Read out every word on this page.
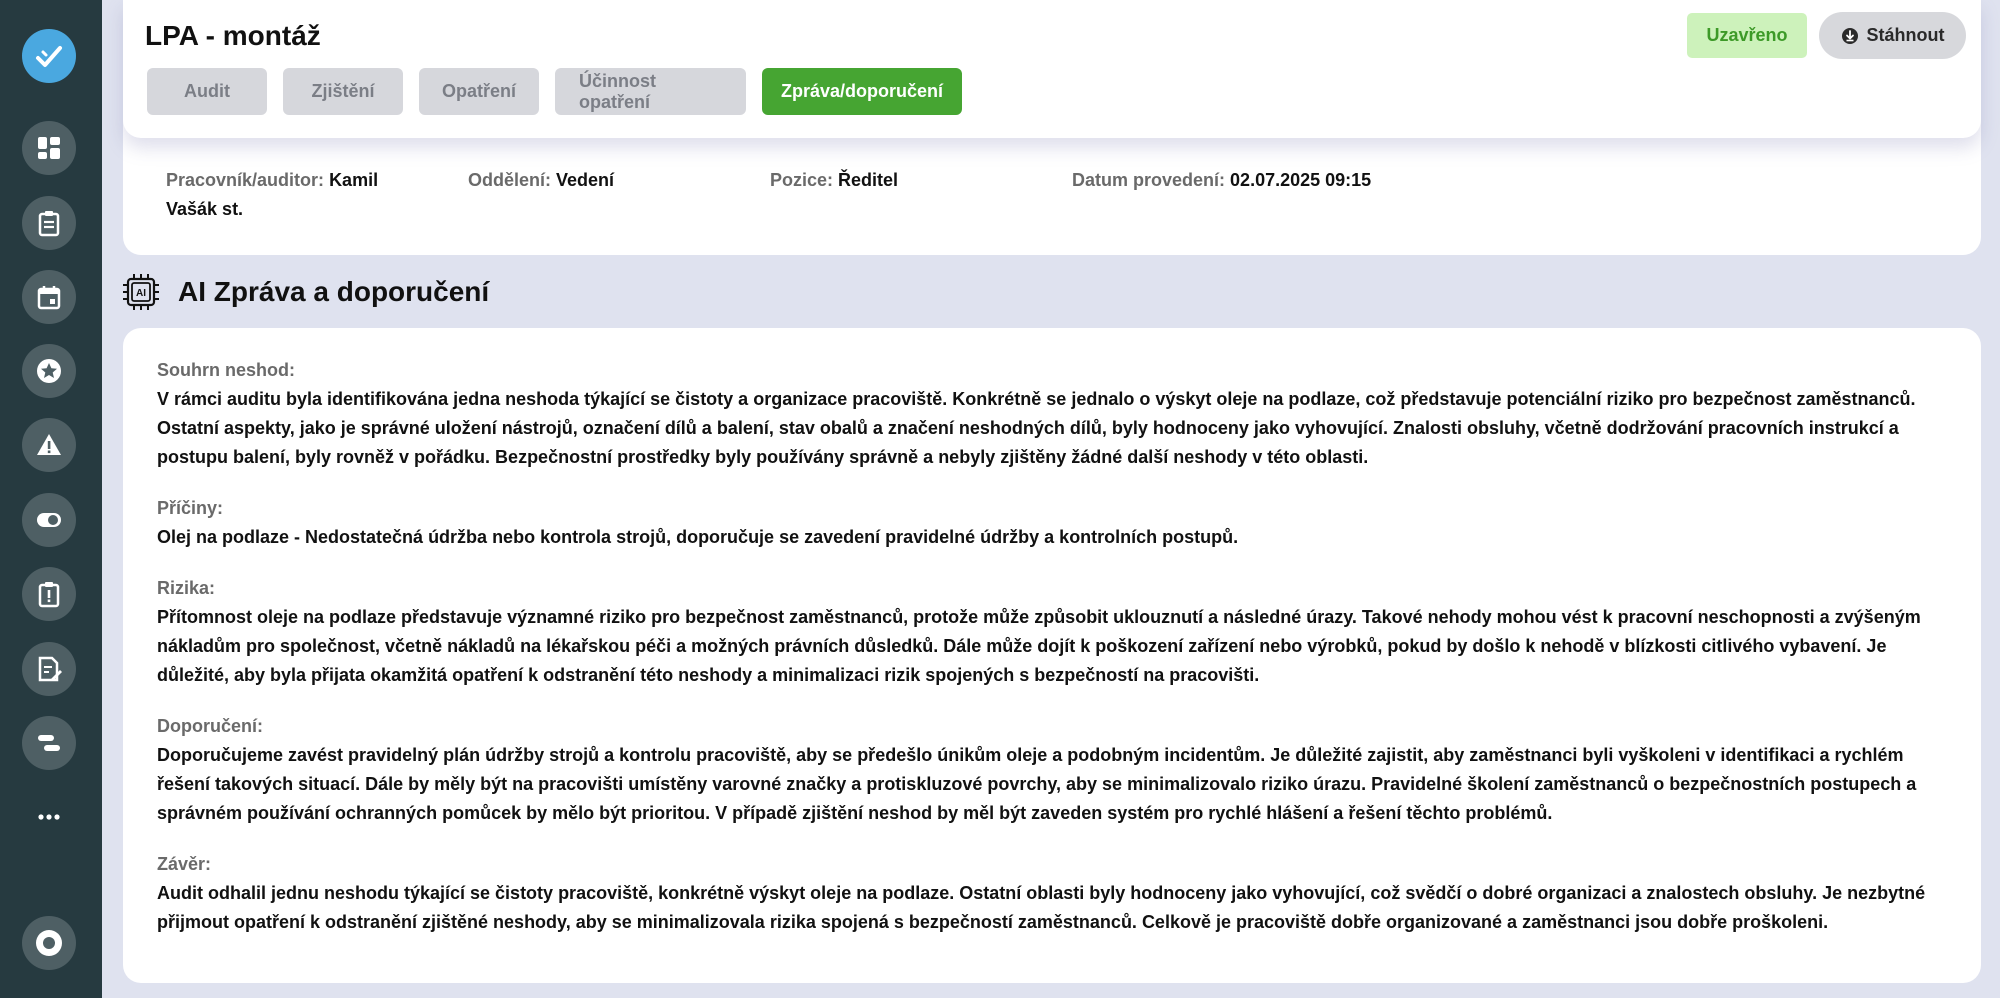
LPA - montáž
Audit	Zjištění	Opatření
Účinnost opatření
Zpráva/doporučení
Uzavřeno	Stáhnout
Pracovník/auditor: Kamil Vašák st.
Oddělení: Vedení	Pozice: Ředitel	Datum provedení: 02.07.2025 09:15
AI AI Zpráva a doporučení
Souhrn neshod:
V rámci auditu byla identifikována jedna neshoda týkající se čistoty a organizace pracoviště. Konkrétně se jednalo o výskyt oleje na podlaze, což představuje potenciální riziko pro bezpečnost zaměstnanců. Ostatní aspekty, jako je správné uložení nástrojů, označení dílů a balení, stav obalů a značení neshodných dílů, byly hodnoceny jako vyhovující. Znalosti obsluhy, včetně dodržování pracovních instrukcí a postupu balení, byly rovněž v pořádku. Bezpečnostní prostředky byly používány správně a nebyly zjištěny žádné další neshody v této oblasti.
Příčiny:
Olej na podlaze - Nedostatečná údržba nebo kontrola strojů, doporučuje se zavedení pravidelné údržby a kontrolních postupů.
Rizika:
Přítomnost oleje na podlaze představuje významné riziko pro bezpečnost zaměstnanců, protože může způsobit uklouznutí a následné úrazy. Takové nehody mohou vést k pracovní neschopnosti a zvýšeným nákladům pro společnost, včetně nákladů na lékařskou péči a možných právních důsledků. Dále může dojít k poškození zařízení nebo výrobků, pokud by došlo k nehodě v blízkosti citlivého vybavení. Je důležité, aby byla přijata okamžitá opatření k odstranění této neshody a minimalizaci rizik spojených s bezpečností na pracovišti.
Doporučení:
Doporučujeme zavést pravidelný plán údržby strojů a kontrolu pracoviště, aby se předešlo únikům oleje a podobným incidentům. Je důležité zajistit, aby zaměstnanci byli vyškoleni v identifikaci a rychlém řešení takových situací. Dále by měly být na pracovišti umístěny varovné značky a protiskluzové povrchy, aby se minimalizovalo riziko úrazu. Pravidelné školení zaměstnanců o bezpečnostních postupech a správném používání ochranných pomůcek by mělo být prioritou. V případě zjištění neshod by měl být zaveden systém pro rychlé hlášení a řešení těchto problémů.
Závěr:
Audit odhalil jednu neshodu týkající se čistoty pracoviště, konkrétně výskyt oleje na podlaze. Ostatní oblasti byly hodnoceny jako vyhovující, což svědčí o dobré organizaci a znalostech obsluhy. Je nezbytné přijmout opatření k odstranění zjištěné neshody, aby se minimalizovala rizika spojená s bezpečností zaměstnanců. Celkově je pracoviště dobře organizované a zaměstnanci jsou dobře proškoleni.
